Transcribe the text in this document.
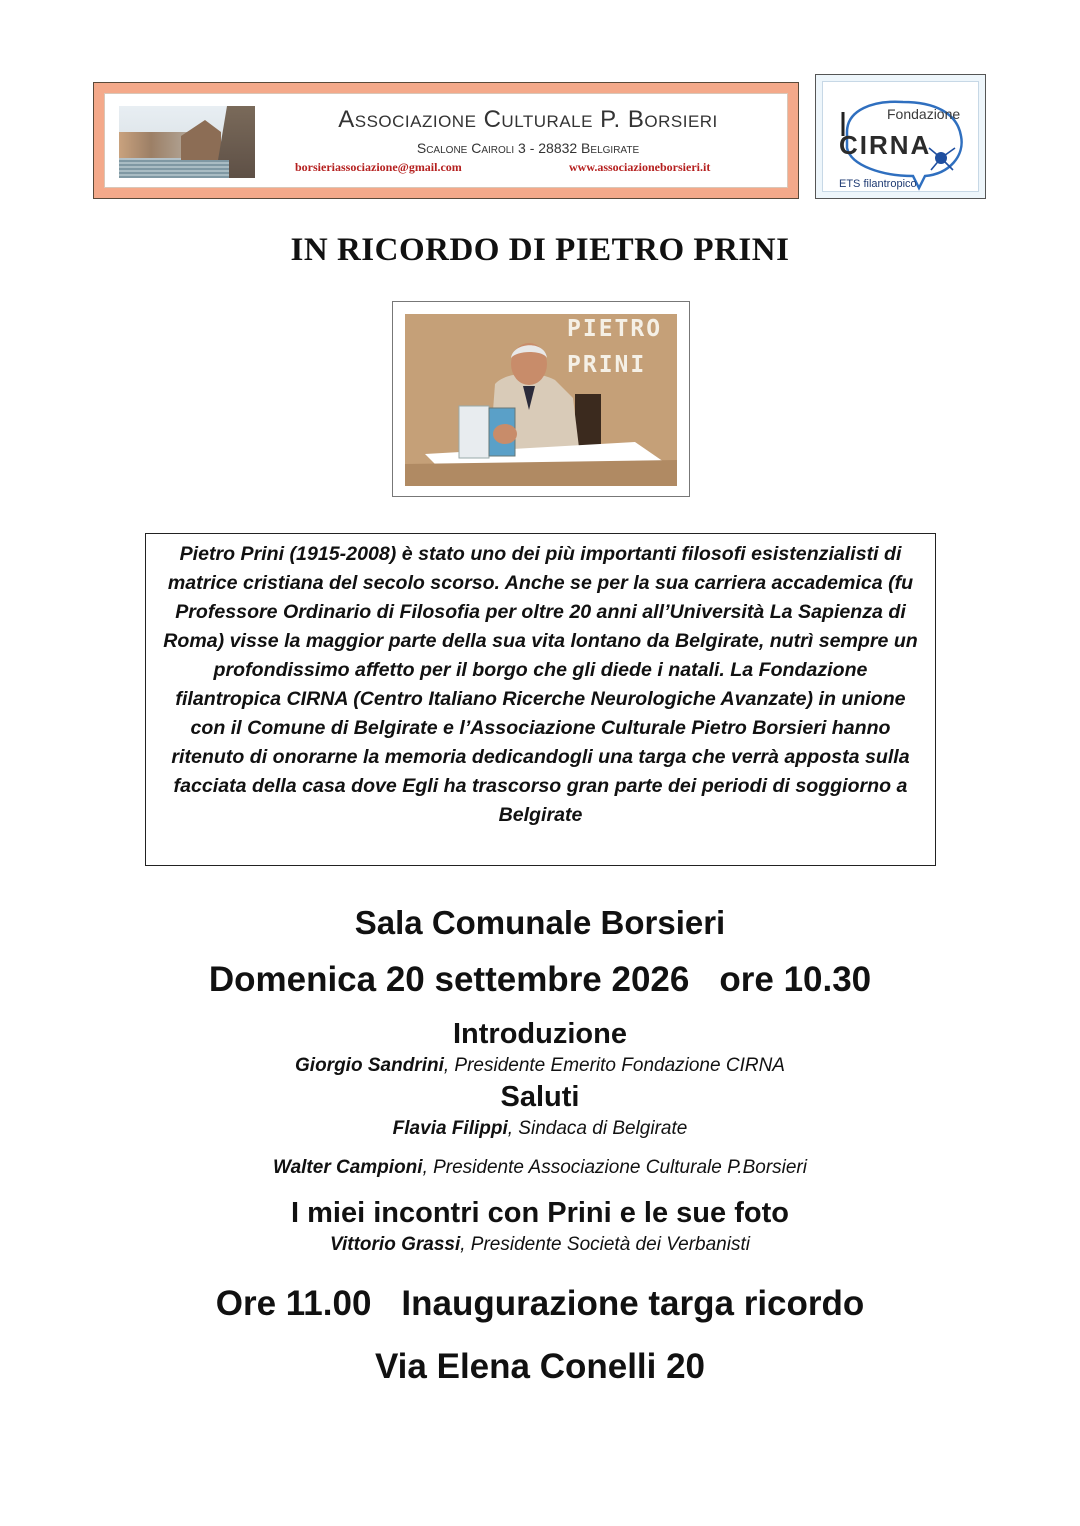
Associazione Culturale P. Borsieri
Scalone Cairoli 3 - 28832 Belgirate
borsieriassociazione@gmail.com	www.associazioneborsieri.it
Fondazione
CIRNA
ETS filantropico
IN RICORDO DI PIETRO PRINI
PIETRO
PRINI
Pietro Prini (1915-2008) è stato uno dei più importanti filosofi esistenzialisti di matrice cristiana del secolo scorso. Anche se per la sua carriera accademica (fu Professore Ordinario di Filosofia per oltre 20 anni all’Università La Sapienza di Roma) visse la maggior parte della sua vita lontano da Belgirate, nutrì sempre un profondissimo affetto per il borgo che gli diede i natali. La Fondazione filantropica CIRNA (Centro Italiano Ricerche Neurologiche Avanzate) in unione con il Comune di Belgirate e l’Associazione Culturale Pietro Borsieri hanno ritenuto di onorarne la memoria dedicandogli una targa che verrà apposta sulla facciata della casa dove Egli ha trascorso gran parte dei periodi di soggiorno a Belgirate
Sala Comunale Borsieri
Domenica 20 settembre 2026 ore 10.30
Introduzione
Giorgio Sandrini, Presidente Emerito Fondazione CIRNA
Saluti
Flavia Filippi, Sindaca di Belgirate
Walter Campioni, Presidente Associazione Culturale P.Borsieri
I miei incontri con Prini e le sue foto
Vittorio Grassi, Presidente Società dei Verbanisti
Ore 11.00 Inaugurazione targa ricordo
Via Elena Conelli 20
